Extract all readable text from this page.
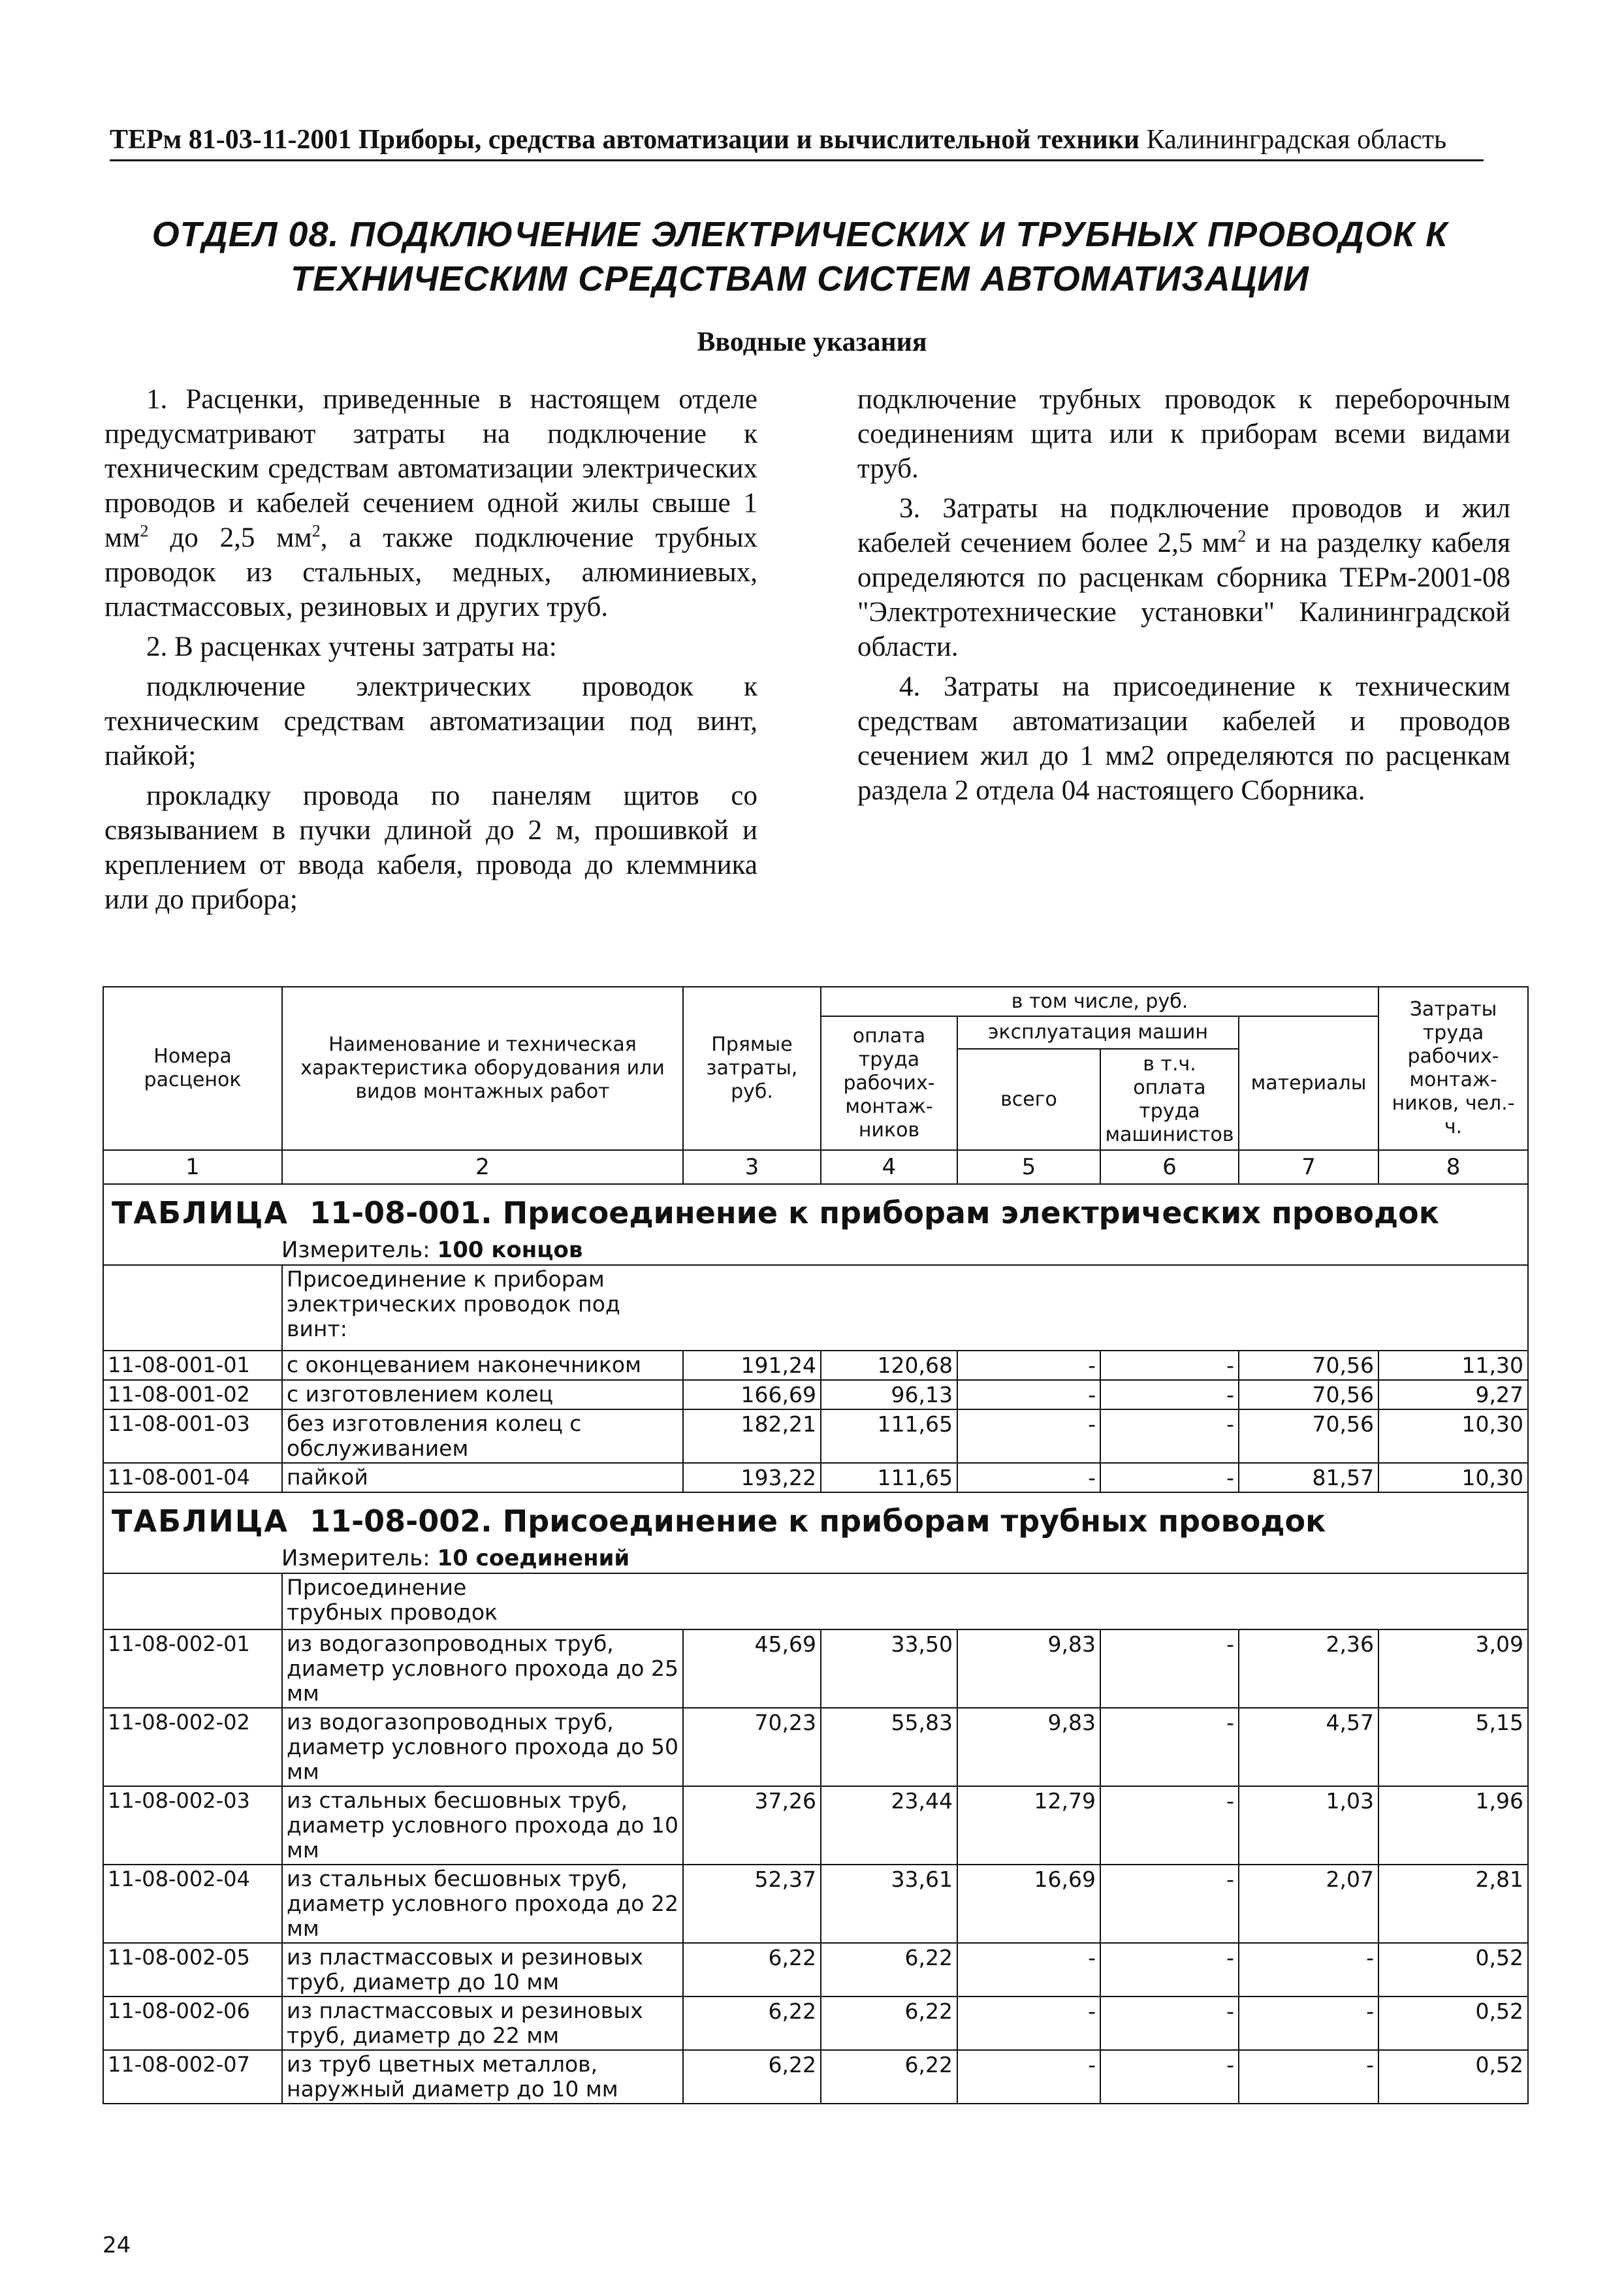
ТЕРм 81-03-11-2001 Приборы, средства автоматизации и вычислительной техники Калининградская область
ОТДЕЛ 08. ПОДКЛЮЧЕНИЕ ЭЛЕКТРИЧЕСКИХ И ТРУБНЫХ ПРОВОДОК К
ТЕХНИЧЕСКИМ СРЕДСТВАМ СИСТЕМ АВТОМАТИЗАЦИИ
Вводные указания

1. Расценки, приведенные в настоящем отделе предусматривают затраты на подключение к техническим средствам автоматизации электрических проводов и кабелей сечением одной жилы свыше 1 $мм^2$ до 2,5 $мм^2$, а также подключение трубных проводок из стальных, медных, алюминиевых, пластмассовых, резиновых и других труб.

2. В расценках учтены затраты на:

подключение электрических проводок к техническим средствам автоматизации под винт, пайкой;

прокладку провода по панелям щитов со связыванием в пучки длиной до 2 м, прошивкой и креплением от ввода кабеля, провода до клеммника или до прибора;

подключение трубных проводок к переборочным соединениям щита или к приборам всеми видами труб.

3. Затраты на подключение проводов и жил кабелей сечением более 2,5 $мм^2$ и на разделку кабеля определяются по расценкам сборника ТЕРм-2001-08 "Электротехнические установки" Калининградской области.

4. Затраты на присоединение к техническим средствам автоматизации кабелей и проводов сечением жил до 1 мм2 определяются по расценкам раздела 2 отдела 04 настоящего Сборника.

Номера расценок	Наименование и техническая характеристика оборудования или видов монтажных работ	Прямые затраты, руб.	в том числе, руб.				Затраты труда рабочих-монтаж-ников, чел.-ч.
			оплата труда рабочих-монтаж-ников	эксплуатация машин		материалы	
				всего	в т.ч. оплата труда машинистов		
1	2	3	4	5	6	7	8
ТАБЛИЦА 11-08-001. Присоединение к приборам электрических проводок							
Измеритель: 100 концов							
	Присоединение к приборам электрических проводок под винт:						
11-08-001-01	с оконцеванием наконечником	191,24	120,68	-	-	70,56	11,30
11-08-001-02	с изготовлением колец	166,69	96,13	-	-	70,56	9,27
11-08-001-03	без изготовления колец с обслуживанием	182,21	111,65	-	-	70,56	10,30
11-08-001-04	пайкой	193,22	111,65	-	-	81,57	10,30
ТАБЛИЦА 11-08-002. Присоединение к приборам трубных проводок							
Измеритель: 10 соединений							
	Присоединение трубных проводок						
11-08-002-01	из водогазопроводных труб, диаметр условного прохода до 25 мм	45,69	33,50	9,83	-	2,36	3,09
11-08-002-02	из водогазопроводных труб, диаметр условного прохода до 50 мм	70,23	55,83	9,83	-	4,57	5,15
11-08-002-03	из стальных бесшовных труб, диаметр условного прохода до 10 мм	37,26	23,44	12,79	-	1,03	1,96
11-08-002-04	из стальных бесшовных труб, диаметр условного прохода до 22 мм	52,37	33,61	16,69	-	2,07	2,81
11-08-002-05	из пластмассовых и резиновых труб, диаметр до 10 мм	6,22	6,22	-	-	-	0,52
11-08-002-06	из пластмассовых и резиновых труб, диаметр до 22 мм	6,22	6,22	-	-	-	0,52
11-08-002-07	из труб цветных металлов, наружный диаметр до 10 мм	6,22	6,22	-	-	-	0,52
24
